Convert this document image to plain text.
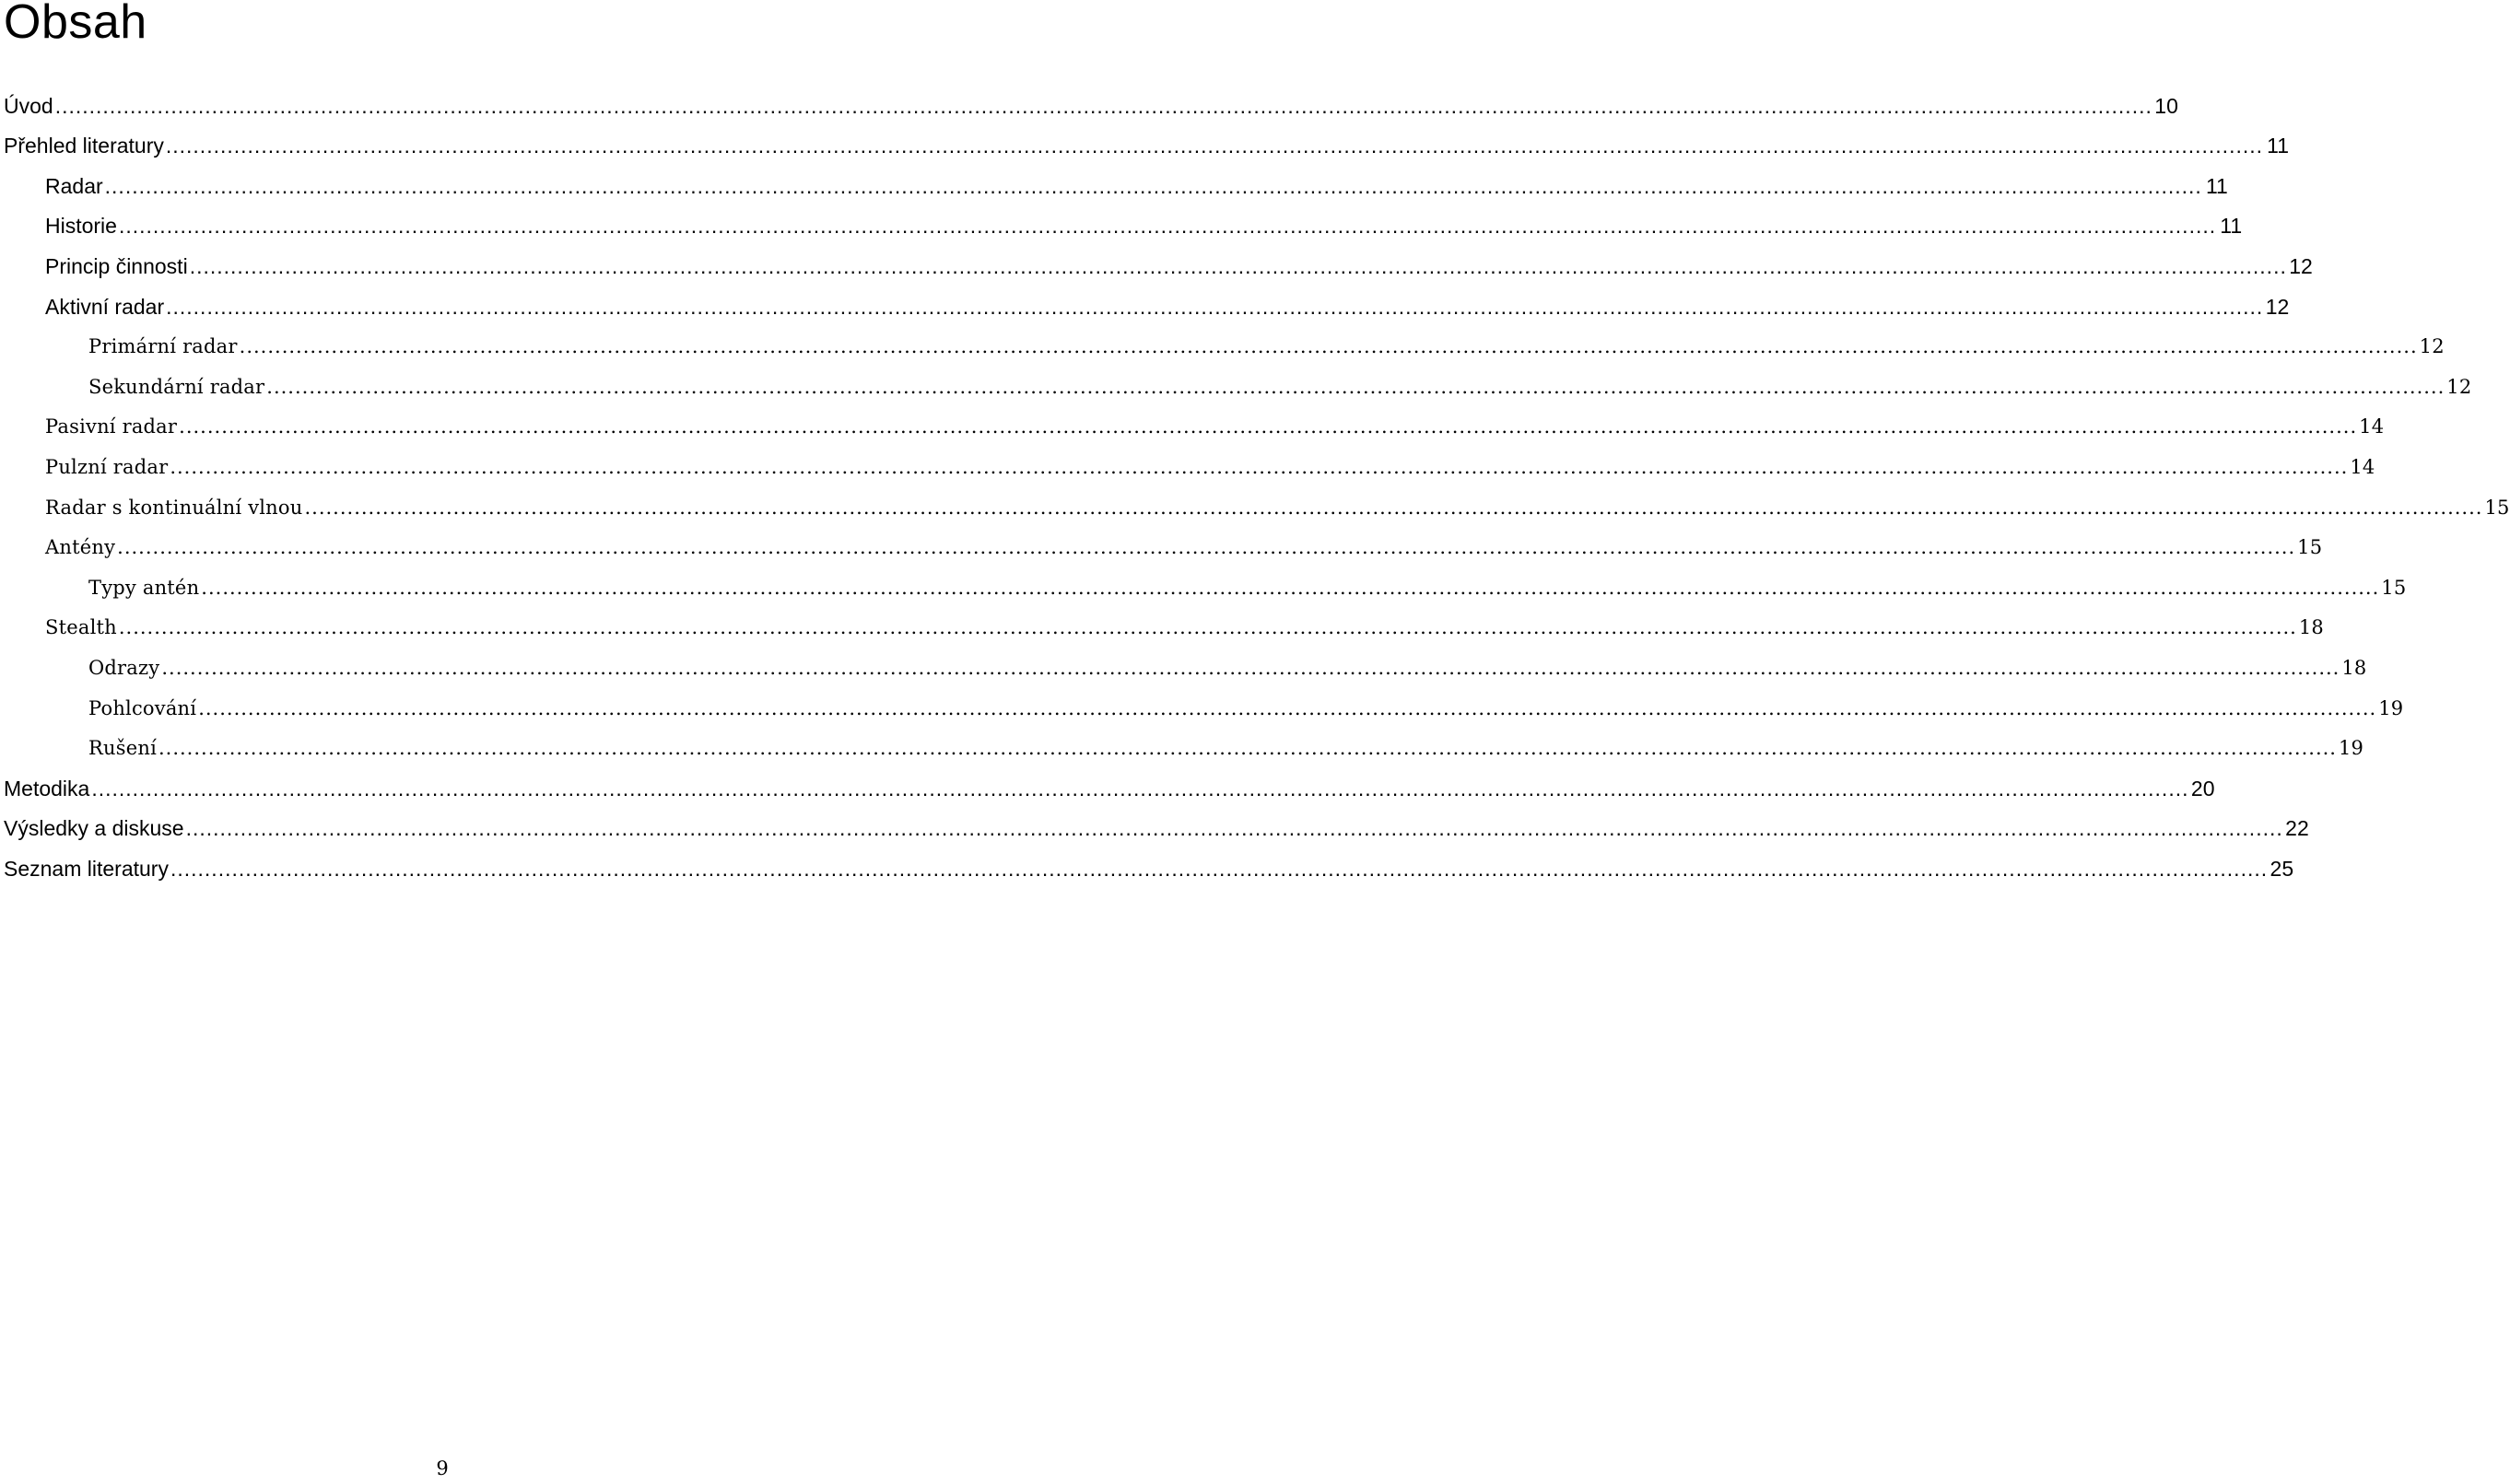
Obsah
Úvod .....	10
Přehled literatury .....	11
Radar .....	11
Historie .....	11
Princip činnosti .....	12
Aktivní radar .....	12
Primární radar .....	12
Sekundární radar .....	12
Pasivní radar .....	14
Pulzní radar .....	14
Radar s kontinuální vlnou .....	15
Antény .....	15
Typy antén .....	15
Stealth .....	18
Odrazy .....	18
Pohlcování .....	19
Rušení .....	19
Metodika .....	20
Výsledky a diskuse .....	22
Seznam literatury .....	25
9
